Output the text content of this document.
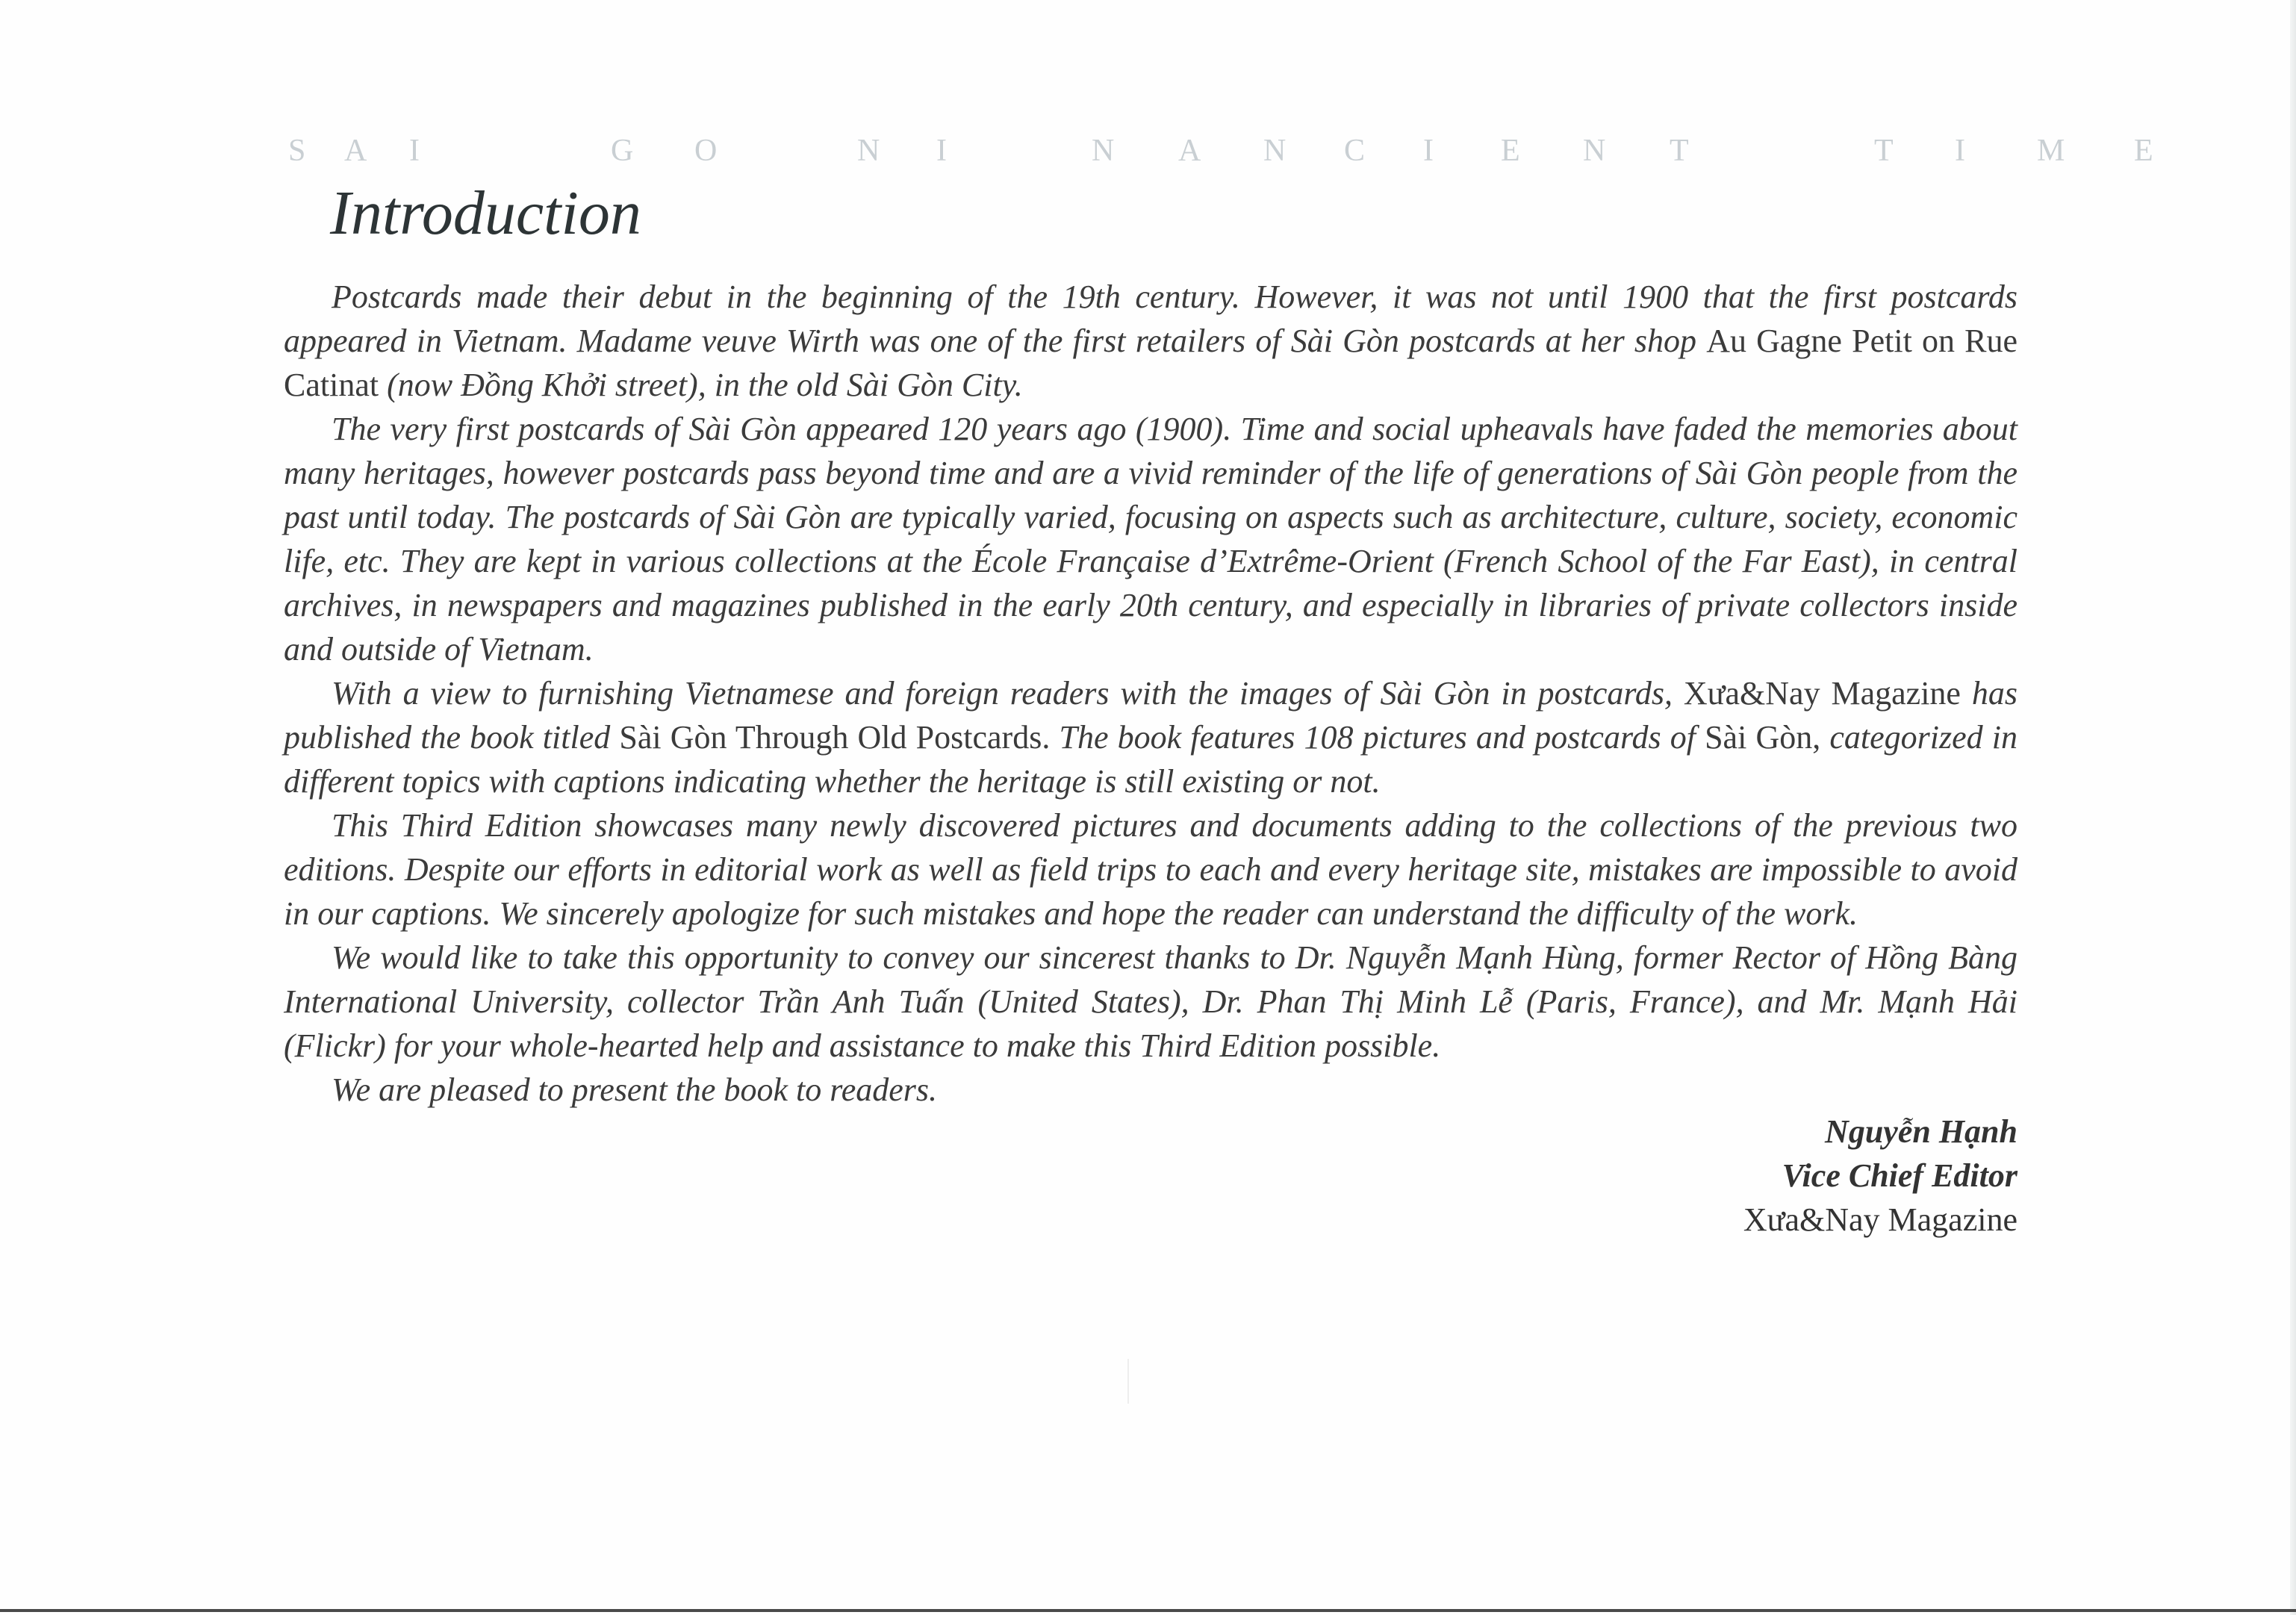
S A I	G O	N I	N A N C I E N T	T I M E
Introduction

Postcards made their debut in the beginning of the 19th century. However, it was not until 1900 that the first postcards appeared in Vietnam. Madame veuve Wirth was one of the first retailers of Sài Gòn postcards at her shop Au Gagne Petit on Rue Catinat (now Đồng Khởi street), in the old Sài Gòn City.

The very first postcards of Sài Gòn appeared 120 years ago (1900). Time and social upheavals have faded the memories about many heritages, however postcards pass beyond time and are a vivid reminder of the life of generations of Sài Gòn people from the past until today. The postcards of Sài Gòn are typically varied, focusing on aspects such as architecture, culture, society, economic life, etc. They are kept in various collections at the École Française d’Extrême-Orient (French School of the Far East), in central archives, in newspapers and magazines published in the early 20th century, and especially in libraries of private collectors inside and outside of Vietnam.

With a view to furnishing Vietnamese and foreign readers with the images of Sài Gòn in postcards, Xưa&Nay Magazine has published the book titled Sài Gòn Through Old Postcards. The book features 108 pictures and postcards of Sài Gòn, categorized in different topics with captions indicating whether the heritage is still existing or not.

This Third Edition showcases many newly discovered pictures and documents adding to the collections of the previous two editions. Despite our efforts in editorial work as well as field trips to each and every heritage site, mistakes are impossible to avoid in our captions. We sincerely apologize for such mistakes and hope the reader can understand the difficulty of the work.

We would like to take this opportunity to convey our sincerest thanks to Dr. Nguyễn Mạnh Hùng, former Rector of Hồng Bàng International University, collector Trần Anh Tuấn (United States), Dr. Phan Thị Minh Lễ (Paris, France), and Mr. Mạnh Hải (Flickr) for your whole-hearted help and assistance to make this Third Edition possible.

We are pleased to present the book to readers.

Nguyễn Hạnh
Vice Chief Editor
Xưa&Nay Magazine
